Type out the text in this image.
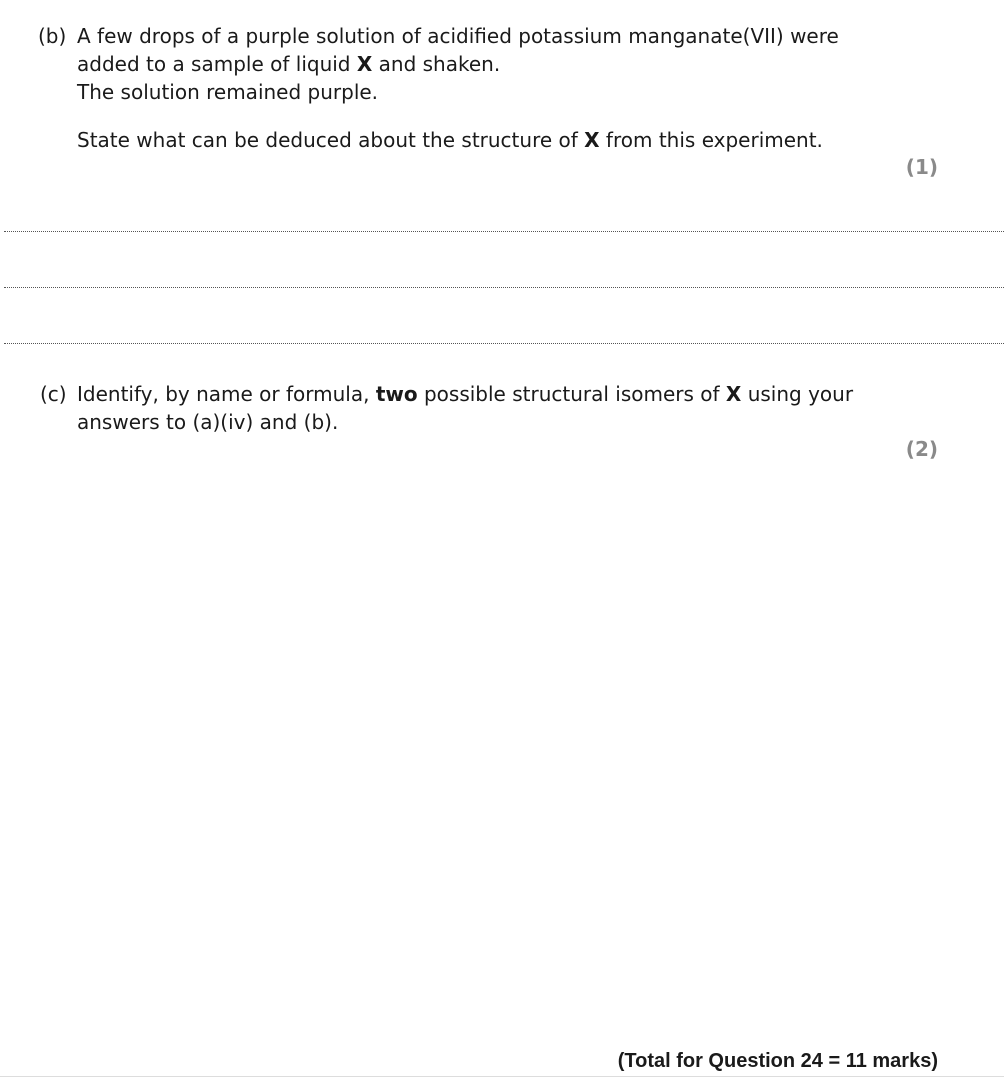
(b) A few drops of a purple solution of acidified potassium manganate(VII) were

added to a sample of liquid X and shaken.

The solution remained purple.

State what can be deduced about the structure of X from this experiment.

(1)
(c) Identify, by name or formula, two possible structural isomers of X using your

answers to (a)(iv) and (b).

(2)
(Total for Question 24 = 11 marks)
